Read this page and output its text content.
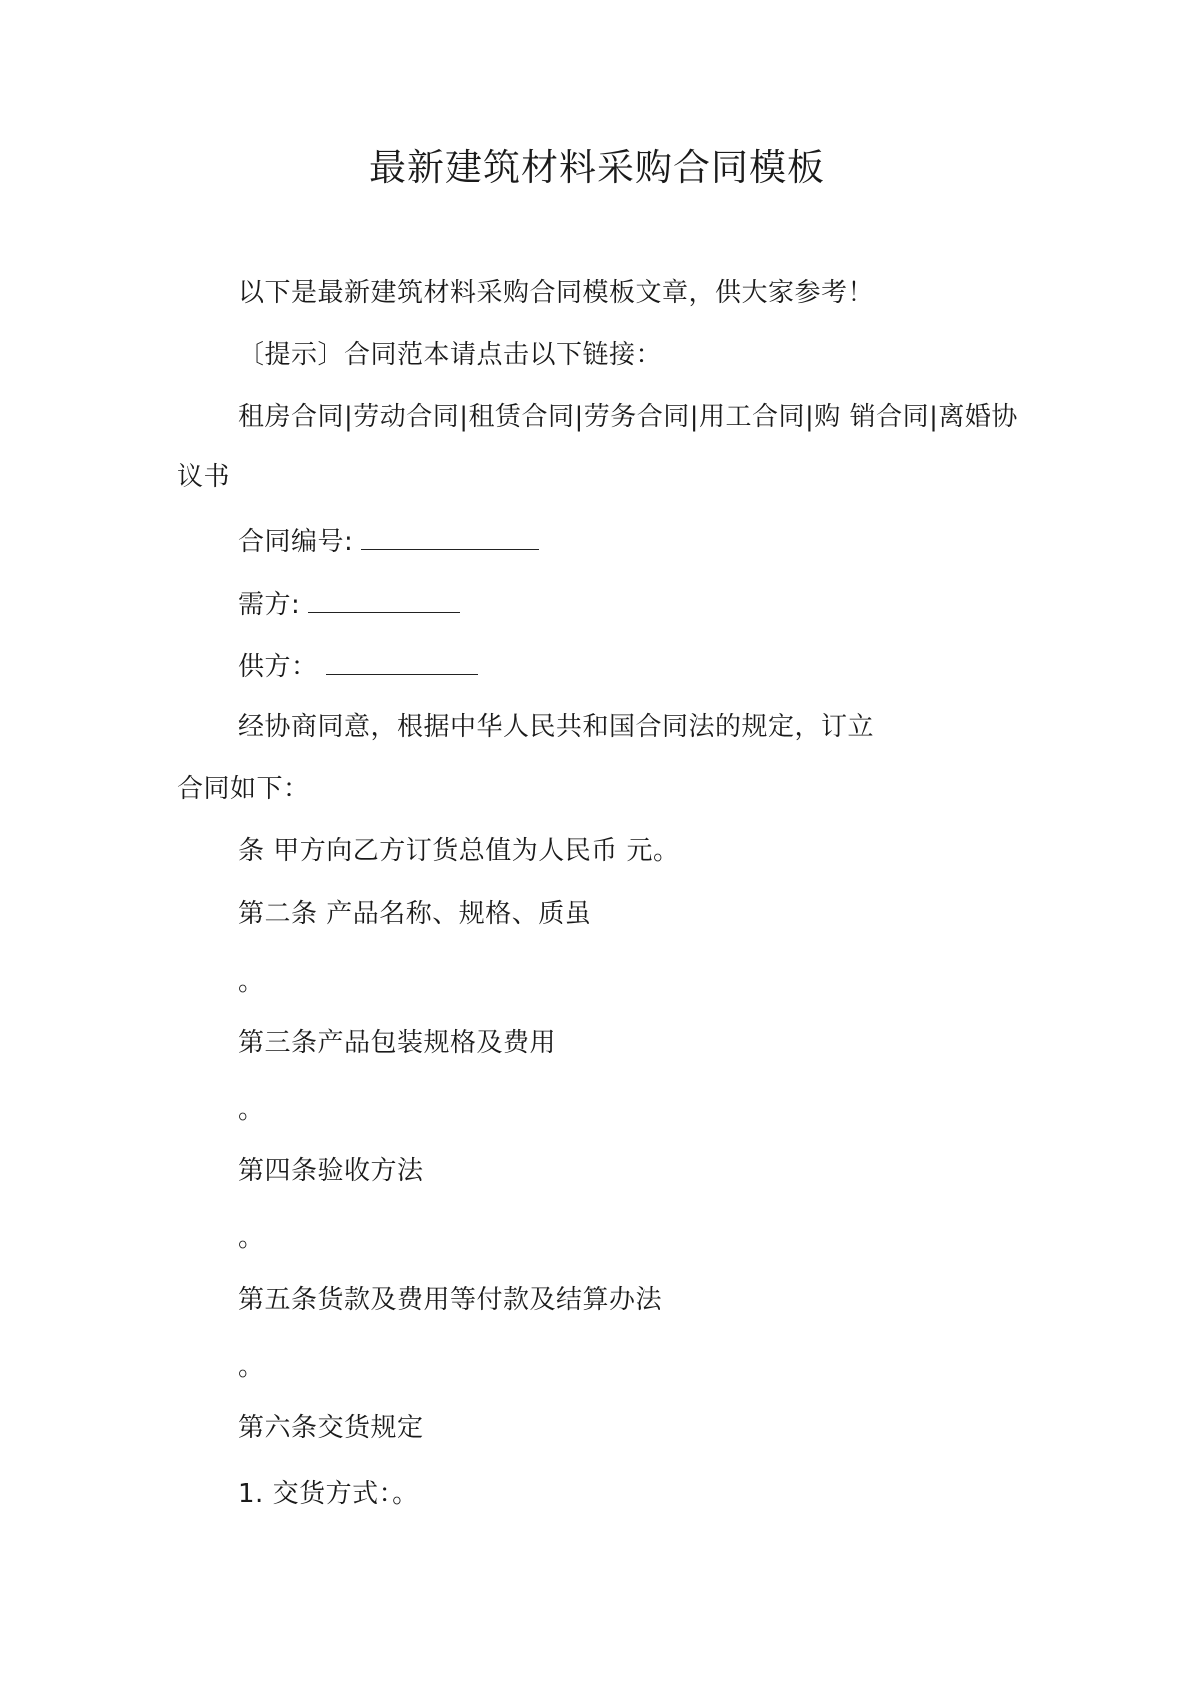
最新建筑材料采购合同模板
以下是最新建筑材料采购合同模板文章，供大家参考！
〔提示〕合同范本请点击以下链接：
租房合同|劳动合同|租赁合同|劳务合同|用工合同|购 销合同|离婚协
议书
合同编号:
需方:
供方：
经协商同意，根据中华人民共和国合同法的规定，订立
合同如下：
条 甲方向乙方订货总值为人民币 元。
第二条 产品名称、规格、质虽
。
第三条产品包装规格及费用
。
第四条验收方法
。
第五条货款及费用等付款及结算办法
。
第六条交货规定
1. 交货方式：。
